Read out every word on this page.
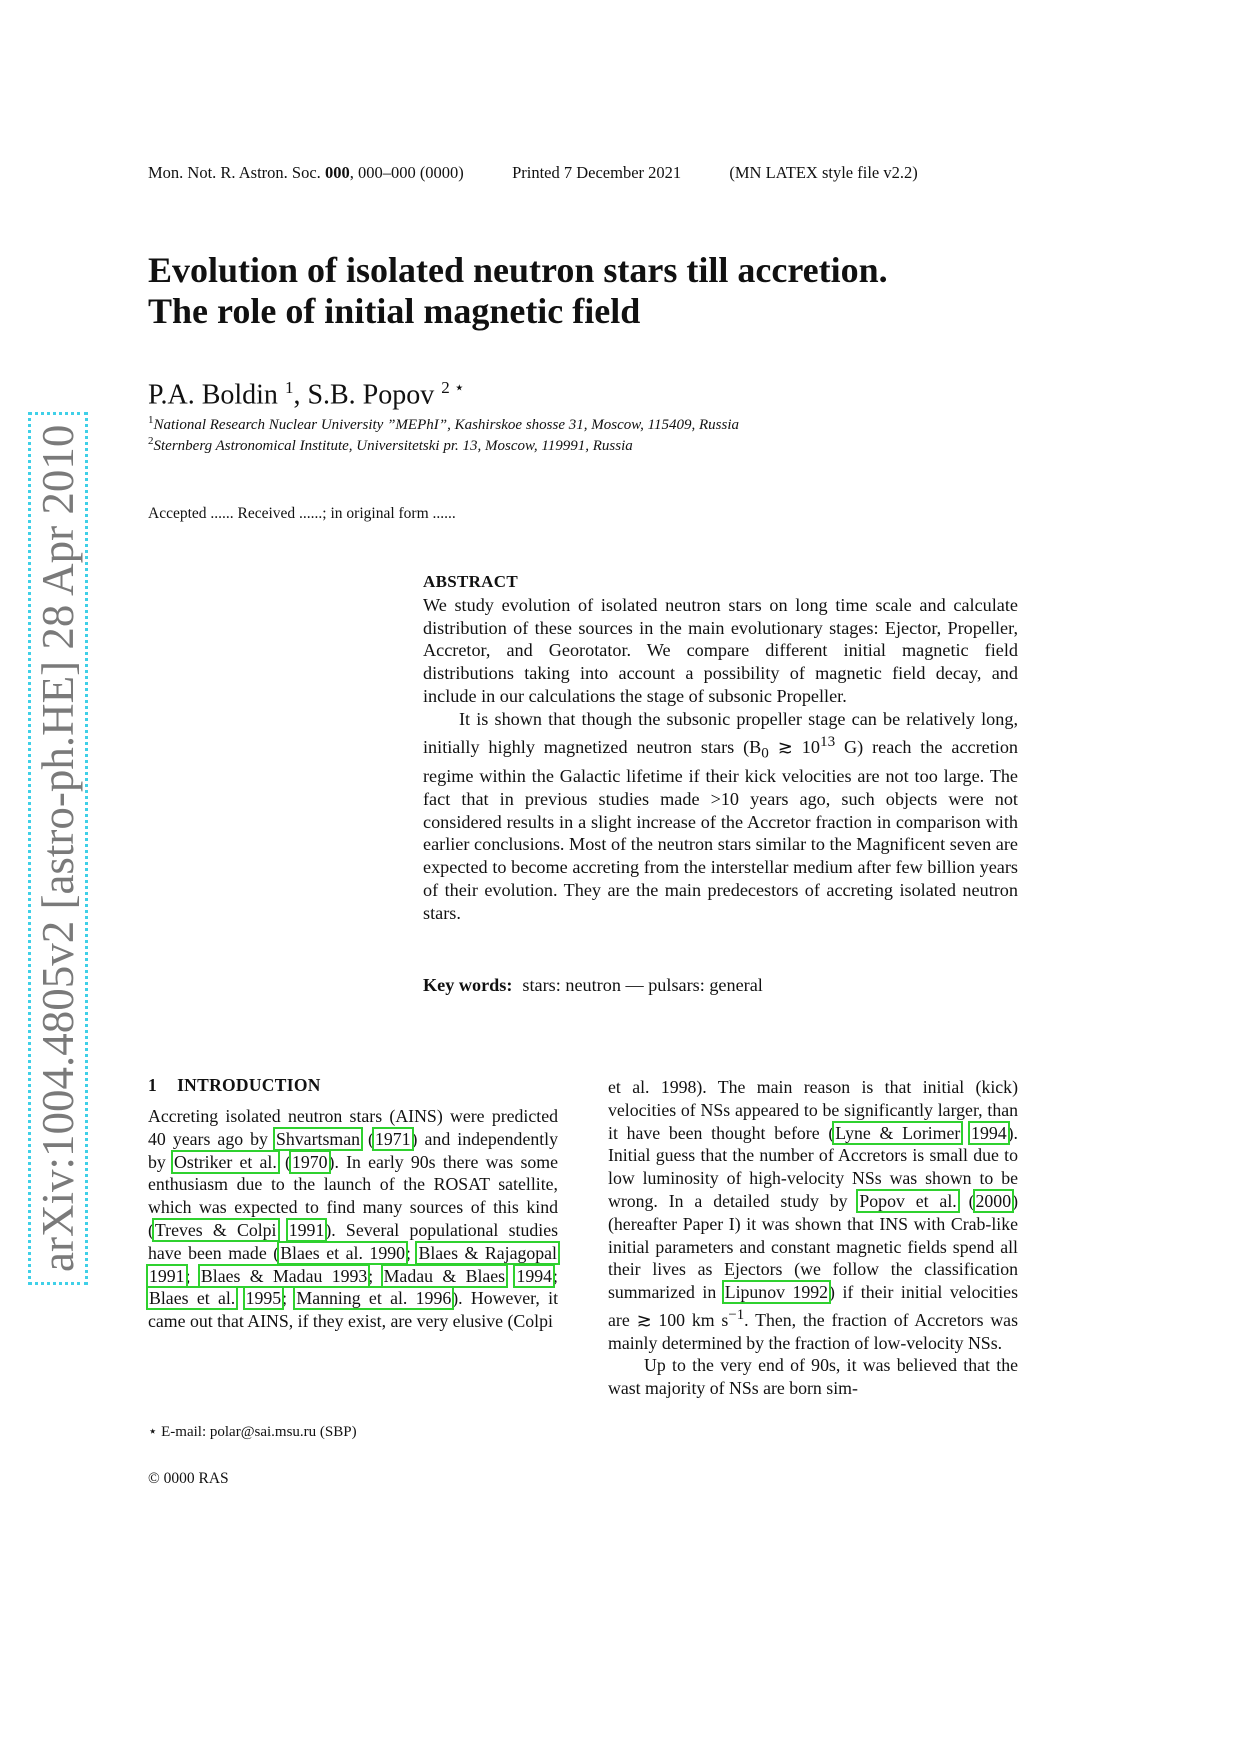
arXiv:1004.4805v2 [astro-ph.HE] 28 Apr 2010
Mon. Not. R. Astron. Soc. 000, 000–000 (0000)	Printed 7 December 2021	(MN LATEX style file v2.2)
Evolution of isolated neutron stars till accretion.
The role of initial magnetic field
P.A. Boldin $^1$, S.B. Popov $^{2 ⋆}$
$^1$National Research Nuclear University ”MEPhI”, Kashirskoe shosse 31, Moscow, 115409, Russia
$^2$Sternberg Astronomical Institute, Universitetski pr. 13, Moscow, 119991, Russia
Accepted ...... Received ......; in original form ......
ABSTRACT

We study evolution of isolated neutron stars on long time scale and calculate distribution of these sources in the main evolutionary stages: Ejector, Propeller, Accretor, and Georotator. We compare different initial magnetic field distributions taking into account a possibility of magnetic field decay, and include in our calculations the stage of subsonic Propeller.

It is shown that though the subsonic propeller stage can be relatively long, initially highly magnetized neutron stars ($B_0$ ≳ $10^{13}$ G) reach the accretion regime within the Galactic lifetime if their kick velocities are not too large. The fact that in previous studies made >10 years ago, such objects were not considered results in a slight increase of the Accretor fraction in comparison with earlier conclusions. Most of the neutron stars similar to the Magnificent seven are expected to become accreting from the interstellar medium after few billion years of their evolution. They are the main predecestors of accreting isolated neutron stars.

Key words: stars: neutron — pulsars: general
1 INTRODUCTION

Accreting isolated neutron stars (AINS) were predicted 40 years ago by Shvartsman (1971) and independently by Ostriker et al. (1970). In early 90s there was some enthusiasm due to the launch of the ROSAT satellite, which was expected to find many sources of this kind (Treves & Colpi 1991). Several populational studies have been made (Blaes et al. 1990; Blaes & Rajagopal 1991; Blaes & Madau 1993; Madau & Blaes 1994; Blaes et al. 1995; Manning et al. 1996). However, it came out that AINS, if they exist, are very elusive (Colpi

et al. 1998). The main reason is that initial (kick) velocities of NSs appeared to be significantly larger, than it have been thought before (Lyne & Lorimer 1994). Initial guess that the number of Accretors is small due to low luminosity of high-velocity NSs was shown to be wrong. In a detailed study by Popov et al. (2000) (hereafter Paper I) it was shown that INS with Crab-like initial parameters and constant magnetic fields spend all their lives as Ejectors (we follow the classification summarized in Lipunov 1992) if their initial velocities are ≳ 100 km $s^{-1}$. Then, the fraction of Accretors was mainly determined by the fraction of low-velocity NSs.

Up to the very end of 90s, it was believed that the wast majority of NSs are born sim-

⋆ E-mail: polar@sai.msu.ru (SBP)
© 0000 RAS
